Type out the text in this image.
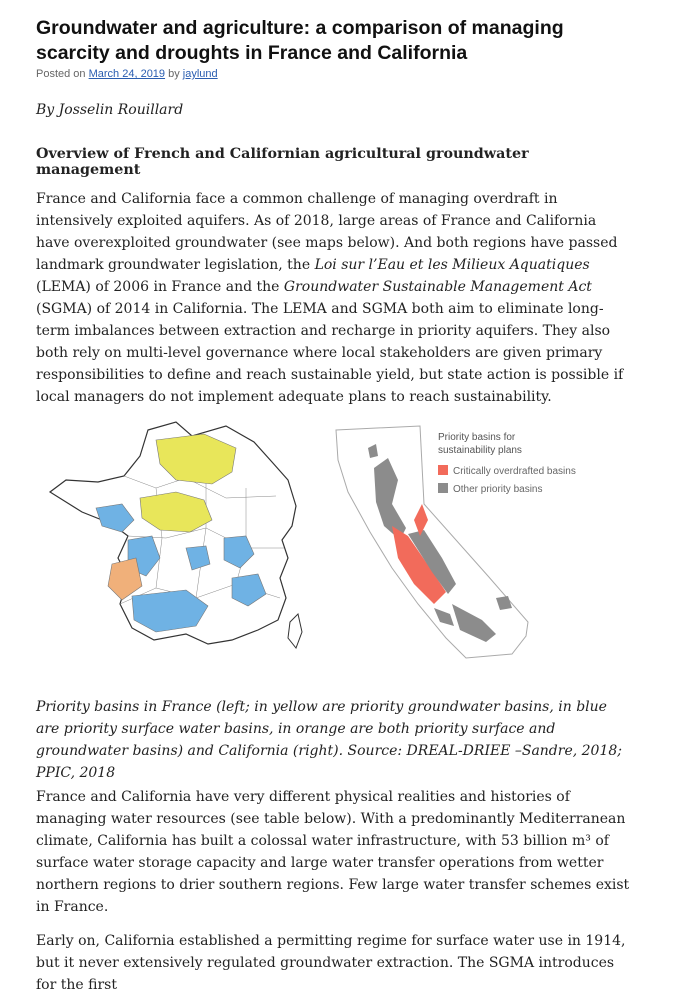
Groundwater and agriculture: a comparison of managing scarcity and droughts in France and California
Posted on March 24, 2019 by jaylund
By Josselin Rouillard
Overview of French and Californian agricultural groundwater management

France and California face a common challenge of managing overdraft in intensively exploited aquifers. As of 2018, large areas of France and California have overexploited groundwater (see maps below). And both regions have passed landmark groundwater legislation, the Loi sur l’Eau et les Milieux Aquatiques (LEMA) of 2006 in France and the Groundwater Sustainable Management Act (SGMA) of 2014 in California. The LEMA and SGMA both aim to eliminate long-term imbalances between extraction and recharge in priority aquifers. They also both rely on multi-level governance where local stakeholders are given primary responsibilities to define and reach sustainable yield, but state action is possible if local managers do not implement adequate plans to reach sustainability.

Priority basins for
sustainability plans
Critically overdrafted basins
Other priority basins

Priority basins in France (left; in yellow are priority groundwater basins, in blue are priority surface water basins, in orange are both priority surface and groundwater basins) and California (right). Source: DREAL-DRIEE –Sandre, 2018; PPIC, 2018

France and California have very different physical realities and histories of managing water resources (see table below). With a predominantly Mediterranean climate, California has built a colossal water infrastructure, with 53 billion m³ of surface water storage capacity and large water transfer operations from wetter northern regions to drier southern regions. Few large water transfer schemes exist in France.

Early on, California established a permitting regime for surface water use in 1914, but it never extensively regulated groundwater extraction. The SGMA introduces for the first
